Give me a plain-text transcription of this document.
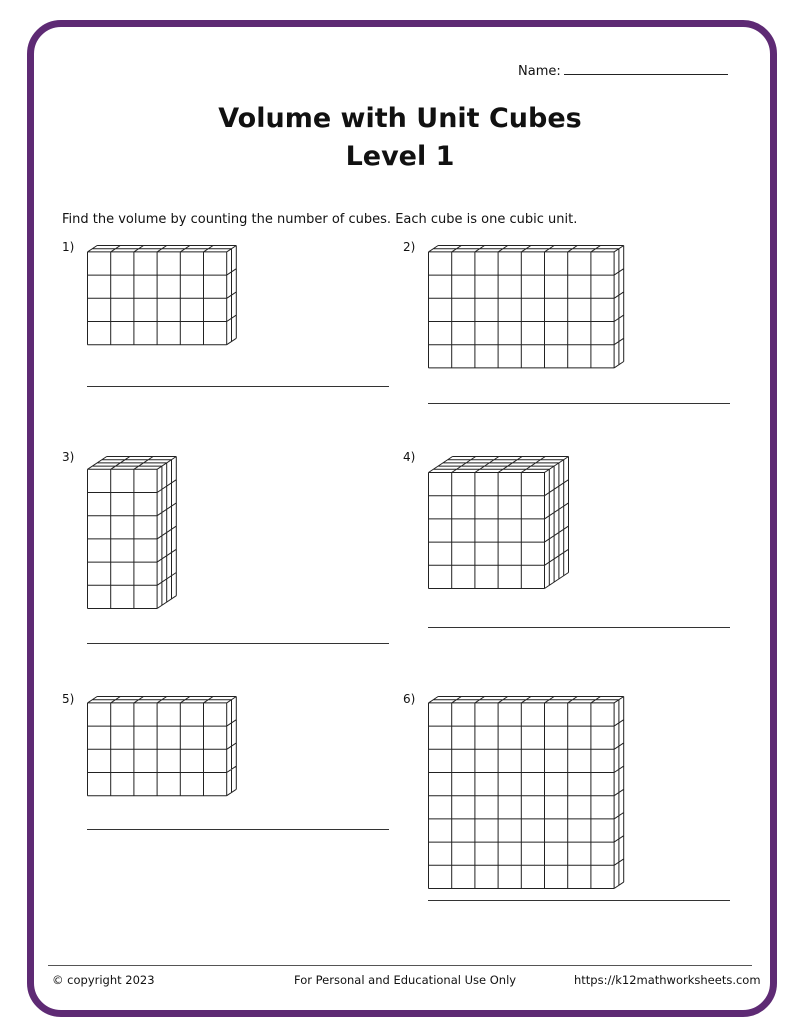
Name:
Volume with Unit Cubes
Level 1
Find the volume by counting the number of cubes. Each cube is one cubic unit.
1)	2)
3)	4)
5)	6)
© copyright 2023	For Personal and Educational Use Only	https://k12mathworksheets.com
